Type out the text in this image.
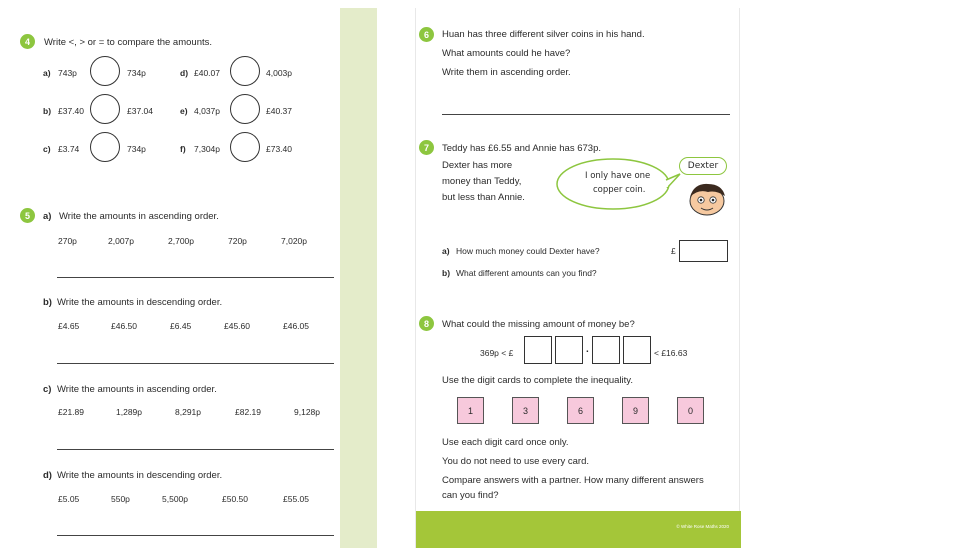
4	Write <, > or = to compare the amounts.
a) 743p	734p
b) £37.40	£37.04
c) £3.74	734p
d) £40.07	4,003p
e) 4,037p	£40.37
f) 7,304p	£73.40
5	a) Write the amounts in ascending order.
270p	2,007p	2,700p	720p	7,020p
b) Write the amounts in descending order.
£4.65	£46.50	£6.45	£45.60	£46.05
c) Write the amounts in ascending order.
£21.89	1,289p	8,291p	£82.19	9,128p
d) Write the amounts in descending order.
£5.05	550p	5,500p	£50.50	£55.05
6	Huan has three different silver coins in his hand.
What amounts could he have?
Write them in ascending order.
7	Teddy has £6.55 and Annie has 673p.
Dexter has more
money than Teddy,
but less than Annie.
I only have one
copper coin.
Dexter
a) How much money could Dexter have?	£
b) What different amounts can you find?
8	What could the missing amount of money be?
369p < £	.	< £16.63
Use the digit cards to complete the inequality.
1	3	6	9	0
Use each digit card once only.
You do not need to use every card.
Compare answers with a partner. How many different answers
can you find?
© White Rose Maths 2020
